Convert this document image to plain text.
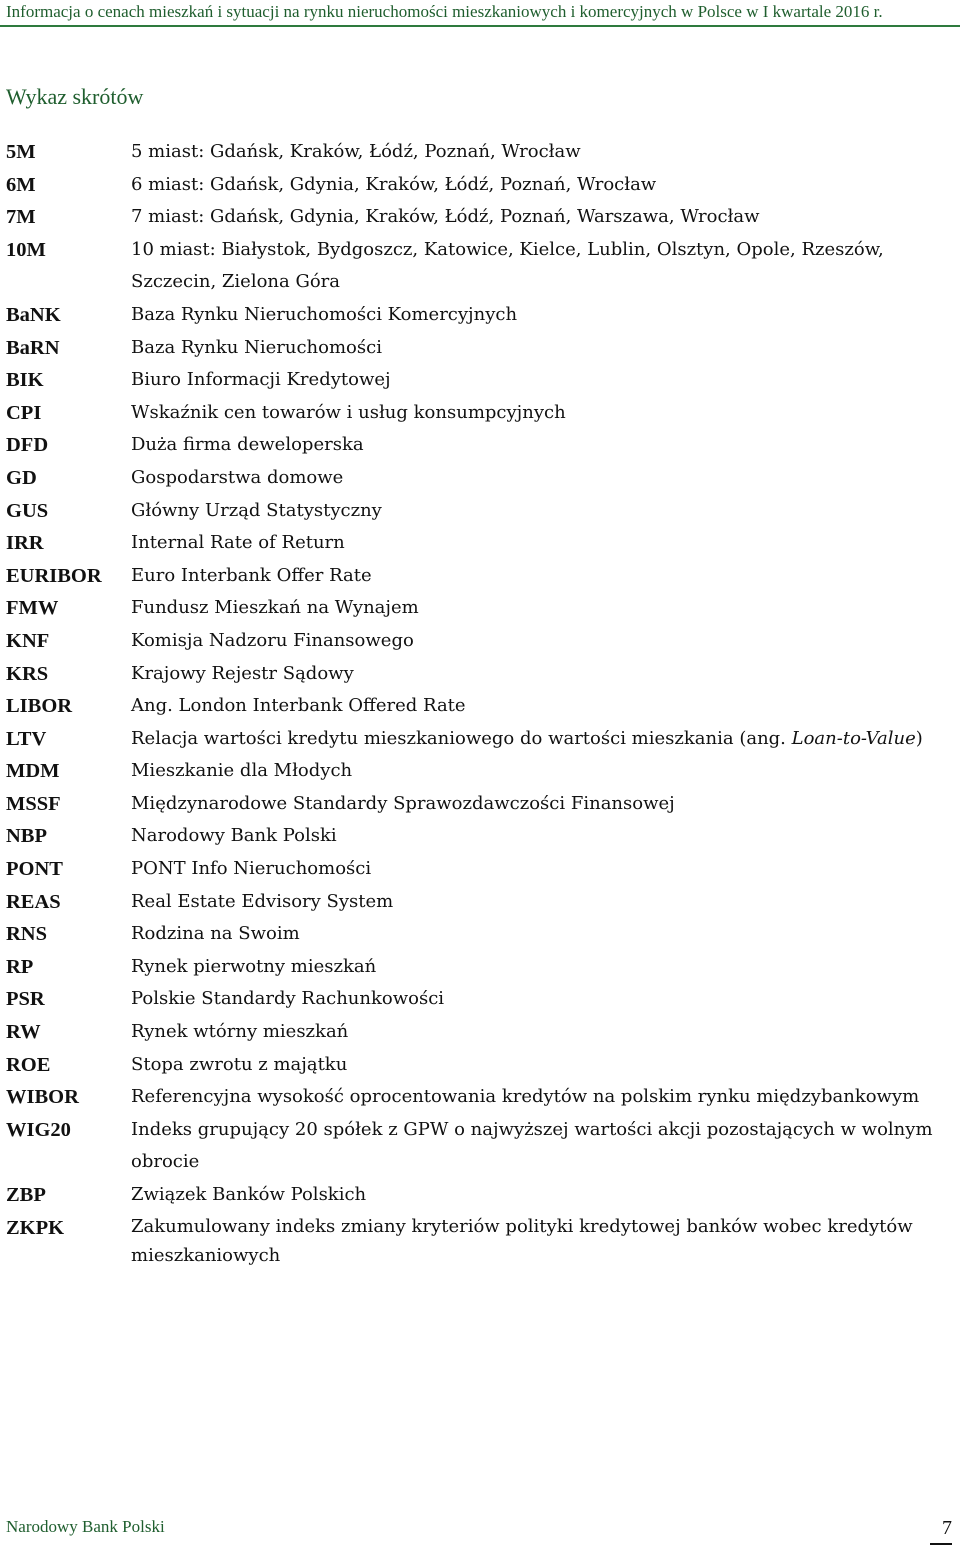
Informacja o cenach mieszkań i sytuacji na rynku nieruchomości mieszkaniowych i komercyjnych w Polsce w I kwartale 2016 r.
Wykaz skrótów
5M	5 miast: Gdańsk, Kraków, Łódź, Poznań, Wrocław
6M	6 miast: Gdańsk, Gdynia, Kraków, Łódź, Poznań, Wrocław
7M	7 miast: Gdańsk, Gdynia, Kraków, Łódź, Poznań, Warszawa, Wrocław
10M	10 miast: Białystok, Bydgoszcz, Katowice, Kielce, Lublin, Olsztyn, Opole, Rzeszów, Szczecin, Zielona Góra
BaNK	Baza Rynku Nieruchomości Komercyjnych
BaRN	Baza Rynku Nieruchomości
BIK	Biuro Informacji Kredytowej
CPI	Wskaźnik cen towarów i usług konsumpcyjnych
DFD	Duża firma deweloperska
GD	Gospodarstwa domowe
GUS	Główny Urząd Statystyczny
IRR	Internal Rate of Return
EURIBOR	Euro Interbank Offer Rate
FMW	Fundusz Mieszkań na Wynajem
KNF	Komisja Nadzoru Finansowego
KRS	Krajowy Rejestr Sądowy
LIBOR	Ang. London Interbank Offered Rate
LTV	Relacja wartości kredytu mieszkaniowego do wartości mieszkania (ang. Loan-to-Value)
MDM	Mieszkanie dla Młodych
MSSF	Międzynarodowe Standardy Sprawozdawczości Finansowej
NBP	Narodowy Bank Polski
PONT	PONT Info Nieruchomości
REAS	Real Estate Edvisory System
RNS	Rodzina na Swoim
RP	Rynek pierwotny mieszkań
PSR	Polskie Standardy Rachunkowości
RW	Rynek wtórny mieszkań
ROE	Stopa zwrotu z majątku
WIBOR	Referencyjna wysokość oprocentowania kredytów na polskim rynku międzybankowym
WIG20	Indeks grupujący 20 spółek z GPW o najwyższej wartości akcji pozostających w wolnym obrocie
ZBP	Związek Banków Polskich
ZKPK	Zakumulowany indeks zmiany kryteriów polityki kredytowej banków wobec kredytów mieszkaniowych
Narodowy Bank Polski	7
